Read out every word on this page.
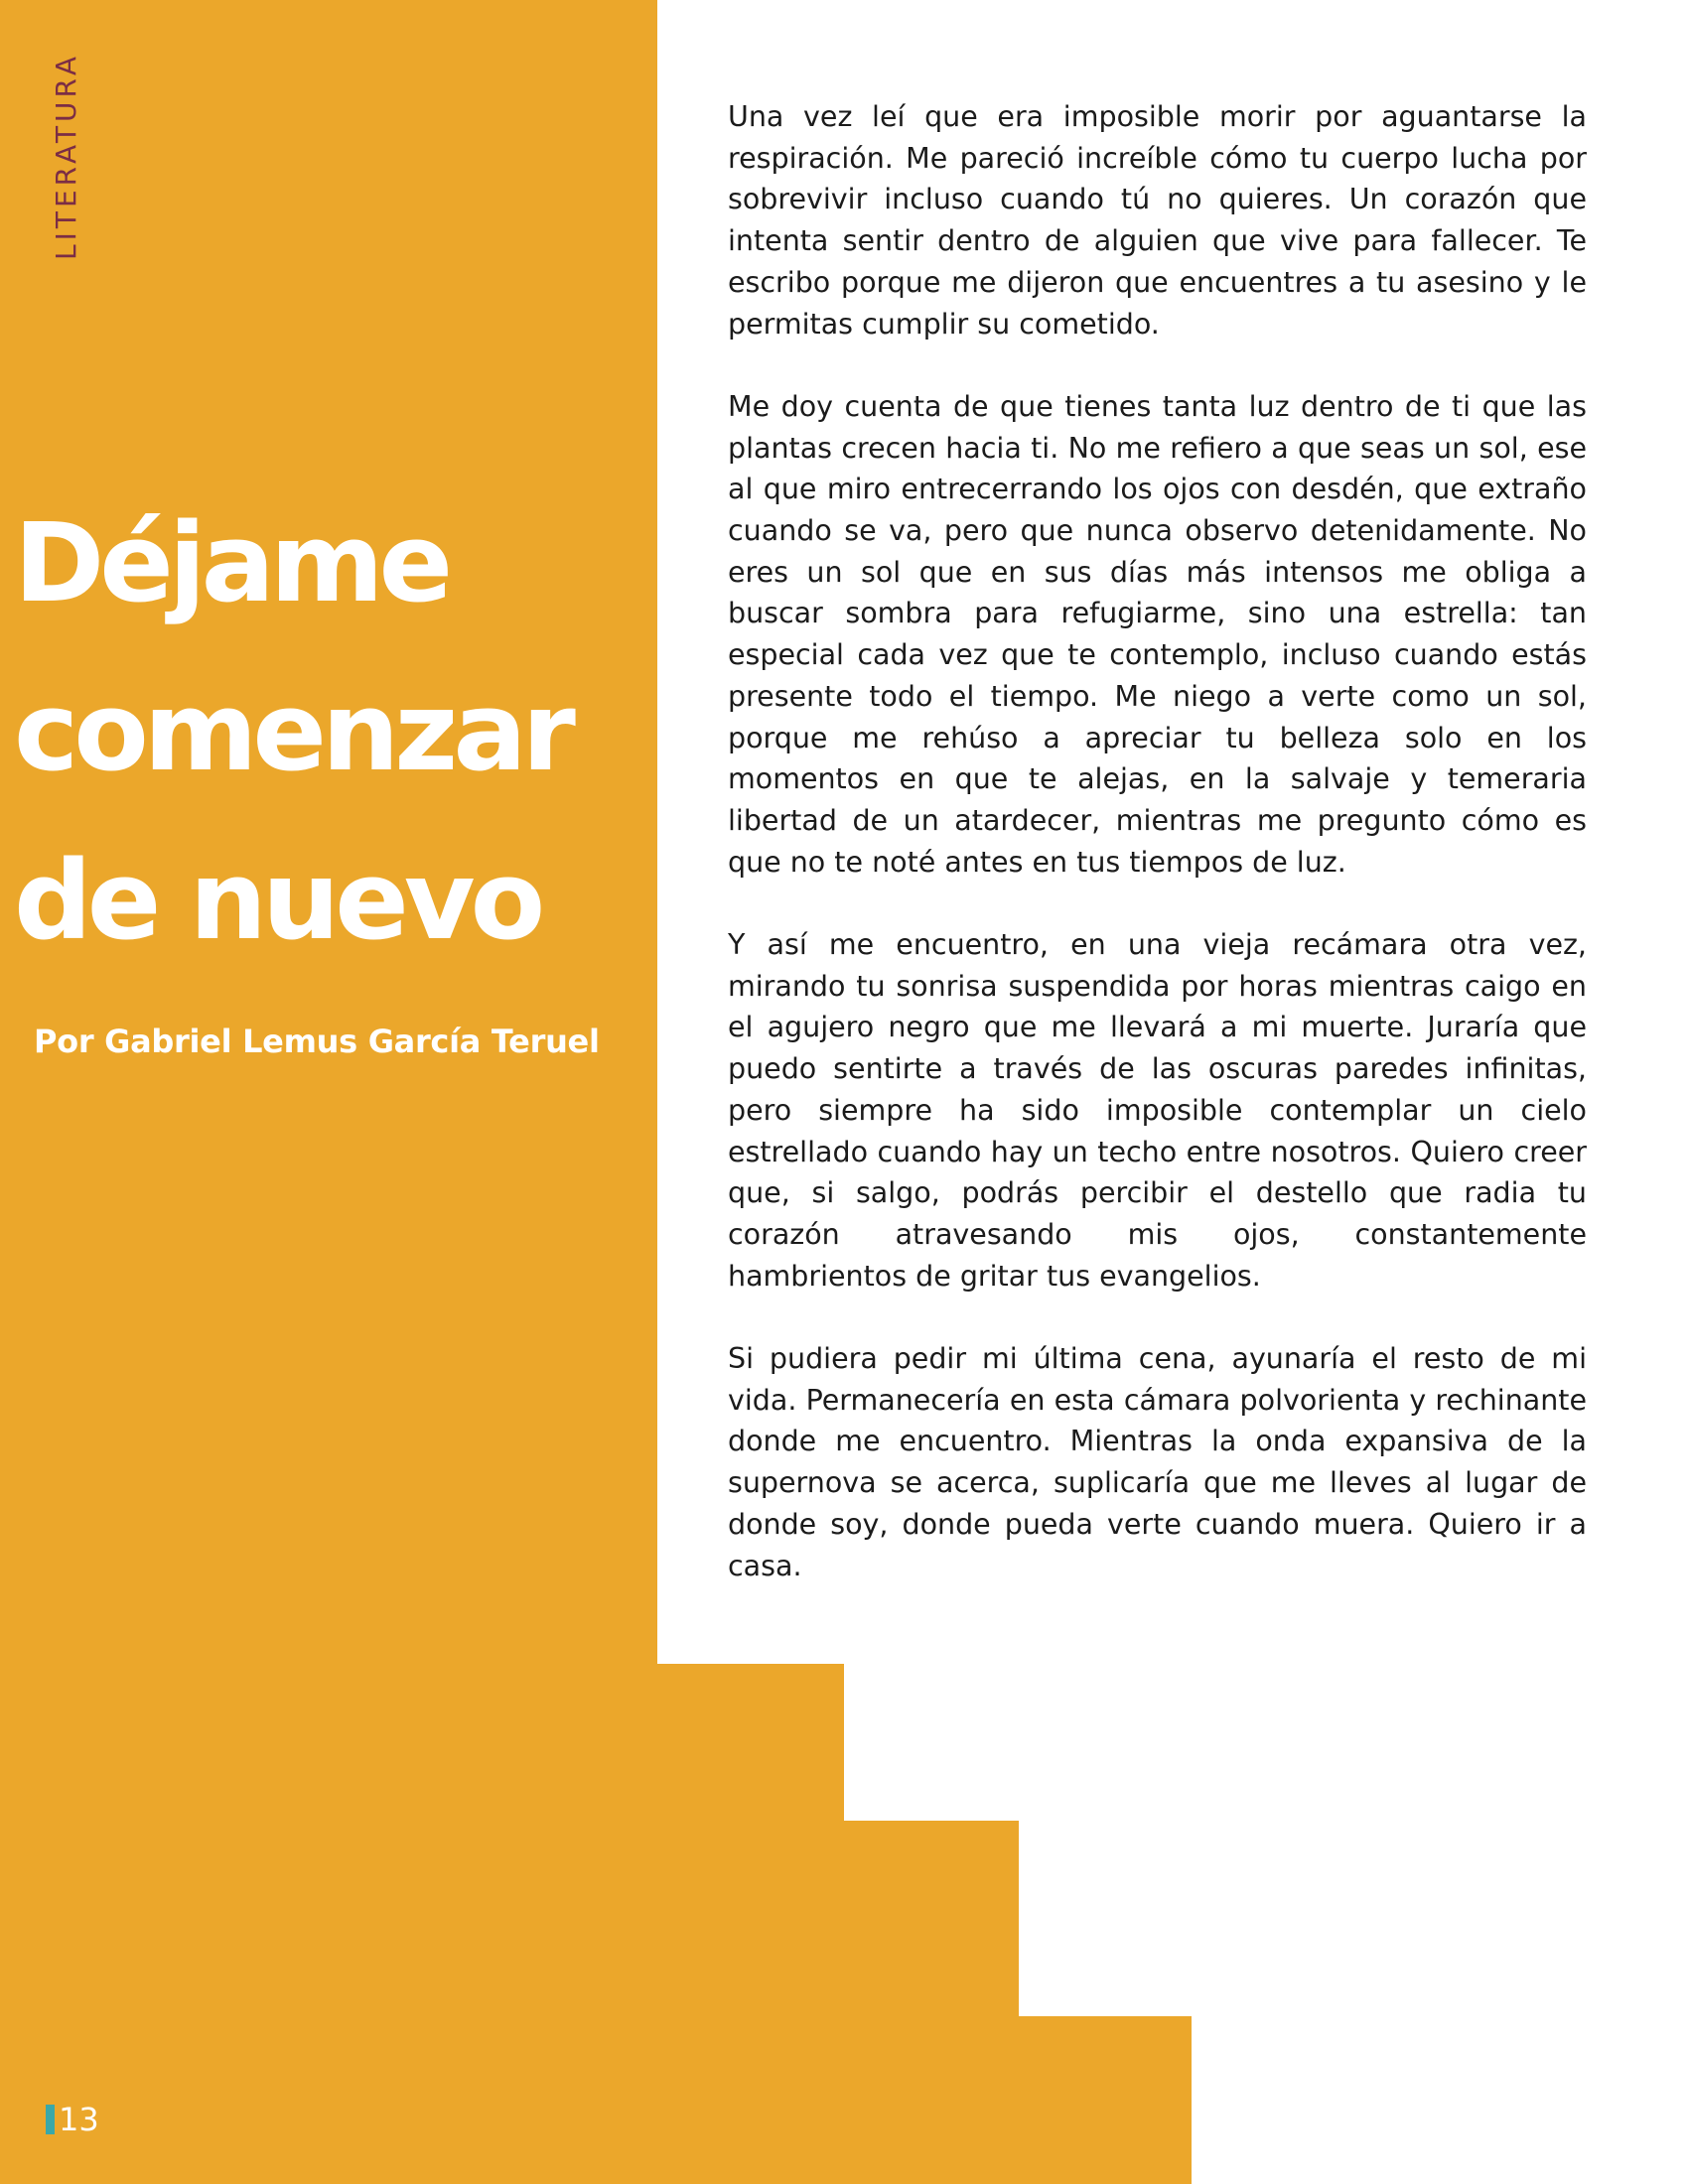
LITERATURA
Déjame
comenzar
de nuevo
Por Gabriel Lemus García Teruel

Una vez leí que era imposible morir por aguantarse la respiración. Me pareció increíble cómo tu cuerpo lucha por sobrevivir incluso cuando tú no quieres. Un corazón que intenta sentir dentro de alguien que vive para fallecer. Te escribo porque me dijeron que encuentres a tu asesino y le permitas cumplir su cometido.

Me doy cuenta de que tienes tanta luz dentro de ti que las plantas crecen hacia ti. No me refiero a que seas un sol, ese al que miro entrecerrando los ojos con desdén, que extraño cuando se va, pero que nunca observo detenidamente. No eres un sol que en sus días más intensos me obliga a buscar sombra para refugiarme, sino una estrella: tan especial cada vez que te contemplo, incluso cuando estás presente todo el tiempo. Me niego a verte como un sol, porque me rehúso a apreciar tu belleza solo en los momentos en que te alejas, en la salvaje y temeraria libertad de un atardecer, mientras me pregunto cómo es que no te noté antes en tus tiempos de luz.

Y así me encuentro, en una vieja recámara otra vez, mirando tu sonrisa suspendida por horas mientras caigo en el agujero negro que me llevará a mi muerte. Juraría que puedo sentirte a través de las oscuras paredes infinitas, pero siempre ha sido imposible contemplar un cielo estrellado cuando hay un techo entre nosotros. Quiero creer que, si salgo, podrás percibir el destello que radia tu corazón atravesando mis ojos, constantemente hambrientos de gritar tus evangelios.

Si pudiera pedir mi última cena, ayunaría el resto de mi vida. Permanecería en esta cámara polvorienta y rechinante donde me encuentro. Mientras la onda expansiva de la supernova se acerca, suplicaría que me lleves al lugar de donde soy, donde pueda verte cuando muera. Quiero ir a casa.

13
